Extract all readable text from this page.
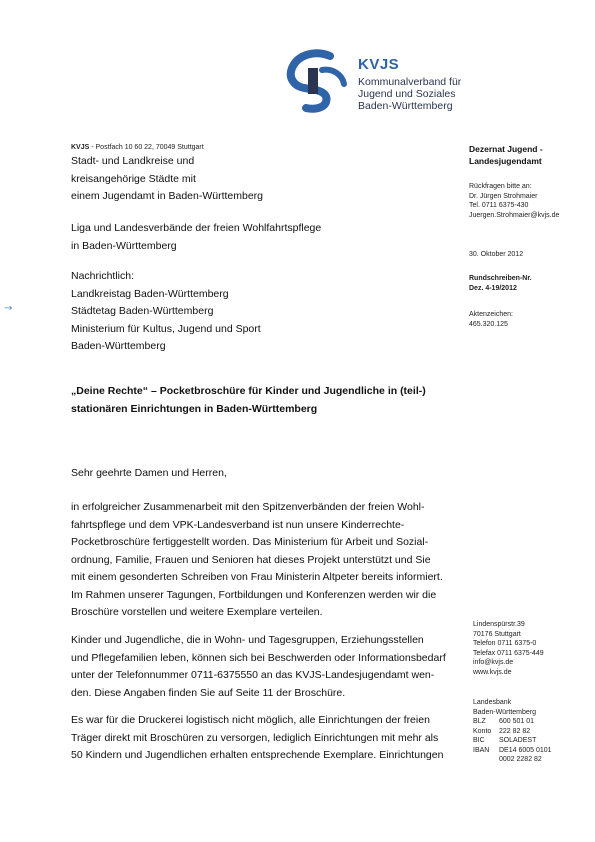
KVJS
Kommunalverband für
Jugend und Soziales
Baden-Württemberg
KVJS - Postfach 10 60 22, 70049 Stuttgart
Stadt- und Landkreise und
kreisangehörige Städte mit
einem Jugendamt in Baden-Württemberg
Liga und Landesverbände der freien Wohlfahrtspflege
in Baden-Württemberg
Nachrichtlich:
Landkreistag Baden-Württemberg
Städtetag Baden-Württemberg
Ministerium für Kultus, Jugend und Sport
Baden-Württemberg
→
„Deine Rechte“ – Pocketbroschüre für Kinder und Jugendliche in (teil-)
stationären Einrichtungen in Baden-Württemberg
Sehr geehrte Damen und Herren,
in erfolgreicher Zusammenarbeit mit den Spitzenverbänden der freien Wohl-
fahrtspflege und dem VPK-Landesverband ist nun unsere Kinderrechte-
Pocketbroschüre fertiggestellt worden. Das Ministerium für Arbeit und Sozial-
ordnung, Familie, Frauen und Senioren hat dieses Projekt unterstützt und Sie
mit einem gesonderten Schreiben von Frau Ministerin Altpeter bereits informiert.
Im Rahmen unserer Tagungen, Fortbildungen und Konferenzen werden wir die
Broschüre vorstellen und weitere Exemplare verteilen.
Kinder und Jugendliche, die in Wohn- und Tagesgruppen, Erziehungsstellen
und Pflegefamilien leben, können sich bei Beschwerden oder Informationsbedarf
unter der Telefonnummer 0711-6375550 an das KVJS-Landesjugendamt wen-
den. Diese Angaben finden Sie auf Seite 11 der Broschüre.
Es war für die Druckerei logistisch nicht möglich, alle Einrichtungen der freien
Träger direkt mit Broschüren zu versorgen, lediglich Einrichtungen mit mehr als
50 Kindern und Jugendlichen erhalten entsprechende Exemplare. Einrichtungen
Dezernat Jugend -
Landesjugendamt
Rückfragen bitte an:
Dr. Jürgen Strohmaier
Tel. 0711 6375-430
Juergen.Strohmaier@kvjs.de
30. Oktober 2012
Rundschreiben-Nr.
Dez. 4-19/2012
Aktenzeichen:
465.320.125
Lindenspürstr.39
70176 Stuttgart
Telefon 0711 6375-0
Telefax 0711 6375-449
info@kvjs.de
www.kvjs.de
Landesbank
Baden-Württemberg
BLZ	600 501 01
Konto	222 82 82
BIC	SOLADEST
IBAN	DE14 6005 0101
0002 2282 82
